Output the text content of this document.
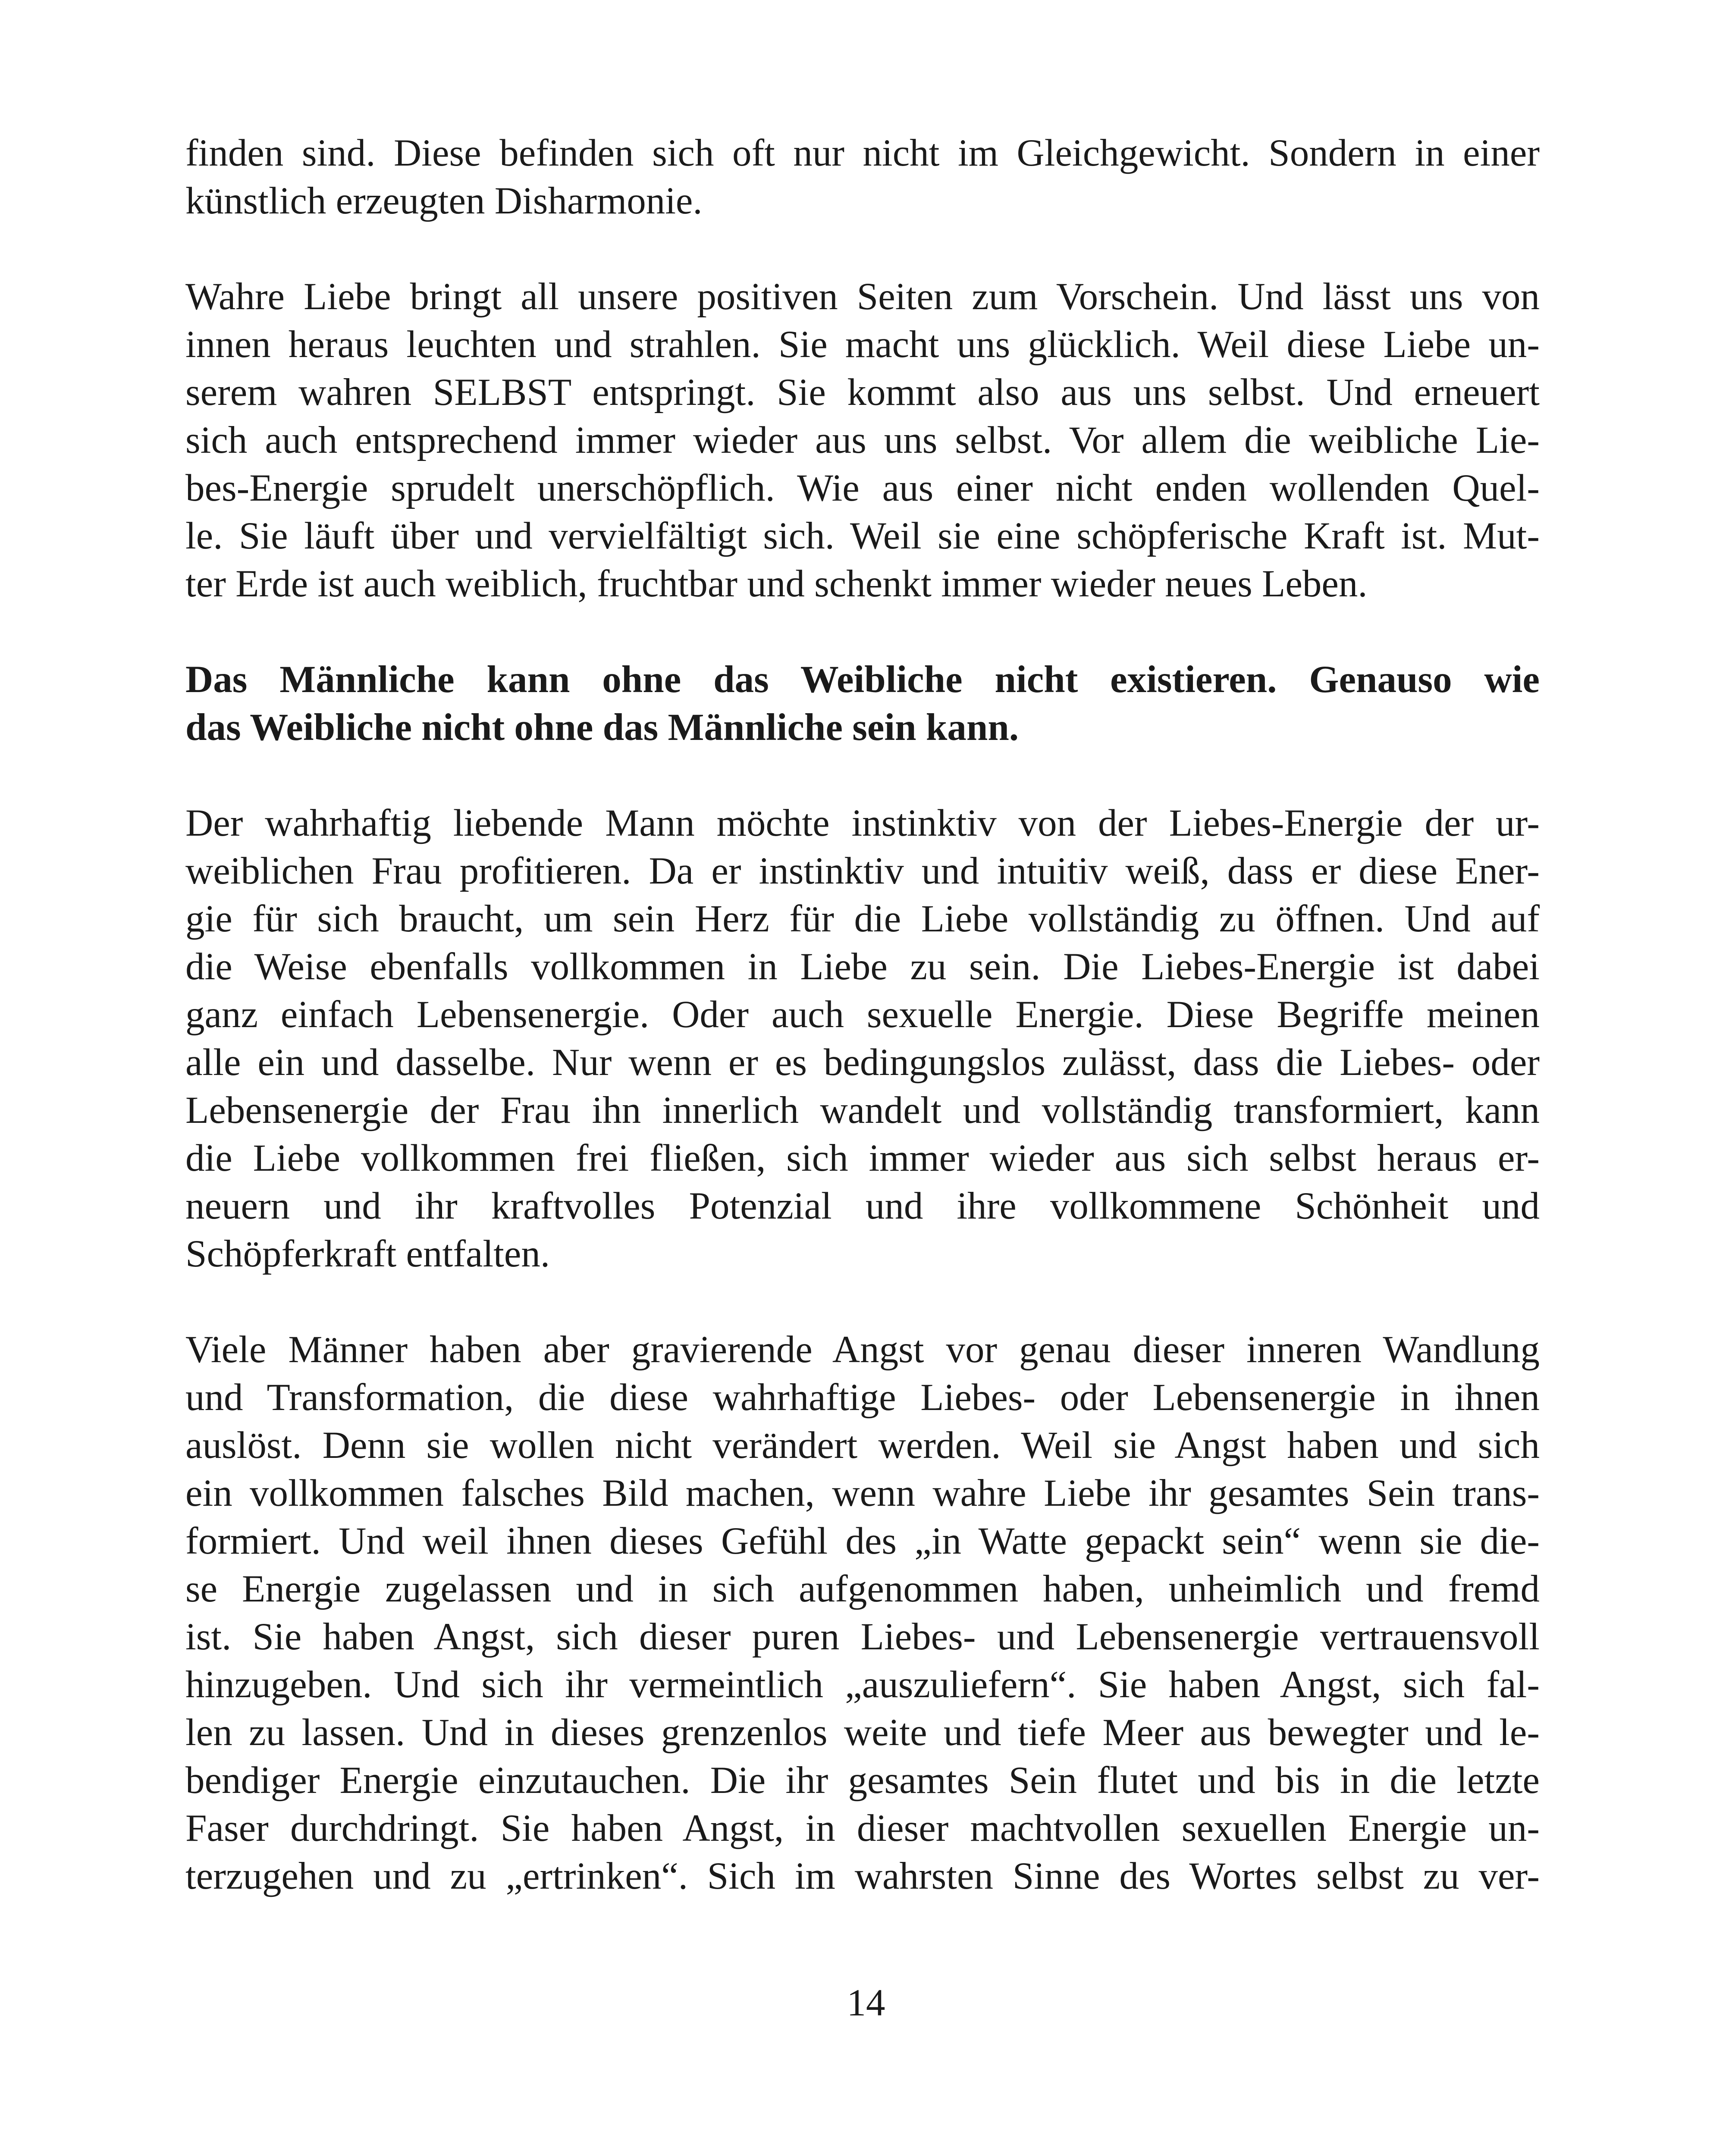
finden sind. Diese befinden sich oft nur nicht im Gleichgewicht. Sondern in einer
künstlich erzeugten Disharmonie.
Wahre Liebe bringt all unsere positiven Seiten zum Vorschein. Und lässt uns von
innen heraus leuchten und strahlen. Sie macht uns glücklich. Weil diese Liebe un-
serem wahren SELBST entspringt. Sie kommt also aus uns selbst. Und erneuert
sich auch entsprechend immer wieder aus uns selbst. Vor allem die weibliche Lie-
bes-Energie sprudelt unerschöpflich. Wie aus einer nicht enden wollenden Quel-
le. Sie läuft über und vervielfältigt sich. Weil sie eine schöpferische Kraft ist. Mut-
ter Erde ist auch weiblich, fruchtbar und schenkt immer wieder neues Leben.
Das Männliche kann ohne das Weibliche nicht existieren. Genauso wie
das Weibliche nicht ohne das Männliche sein kann.
Der wahrhaftig liebende Mann möchte instinktiv von der Liebes-Energie der ur-
weiblichen Frau profitieren. Da er instinktiv und intuitiv weiß, dass er diese Ener-
gie für sich braucht, um sein Herz für die Liebe vollständig zu öffnen. Und auf
die Weise ebenfalls vollkommen in Liebe zu sein. Die Liebes-Energie ist dabei
ganz einfach Lebensenergie. Oder auch sexuelle Energie. Diese Begriffe meinen
alle ein und dasselbe. Nur wenn er es bedingungslos zulässt, dass die Liebes- oder
Lebensenergie der Frau ihn innerlich wandelt und vollständig transformiert, kann
die Liebe vollkommen frei fließen, sich immer wieder aus sich selbst heraus er-
neuern und ihr kraftvolles Potenzial und ihre vollkommene Schönheit und
Schöpferkraft entfalten.
Viele Männer haben aber gravierende Angst vor genau dieser inneren Wandlung
und Transformation, die diese wahrhaftige Liebes- oder Lebensenergie in ihnen
auslöst. Denn sie wollen nicht verändert werden. Weil sie Angst haben und sich
ein vollkommen falsches Bild machen, wenn wahre Liebe ihr gesamtes Sein trans-
formiert. Und weil ihnen dieses Gefühl des „in Watte gepackt sein“ wenn sie die-
se Energie zugelassen und in sich aufgenommen haben, unheimlich und fremd
ist. Sie haben Angst, sich dieser puren Liebes- und Lebensenergie vertrauensvoll
hinzugeben. Und sich ihr vermeintlich „auszuliefern“. Sie haben Angst, sich fal-
len zu lassen. Und in dieses grenzenlos weite und tiefe Meer aus bewegter und le-
bendiger Energie einzutauchen. Die ihr gesamtes Sein flutet und bis in die letzte
Faser durchdringt. Sie haben Angst, in dieser machtvollen sexuellen Energie un-
terzugehen und zu „ertrinken“. Sich im wahrsten Sinne des Wortes selbst zu ver-
14
